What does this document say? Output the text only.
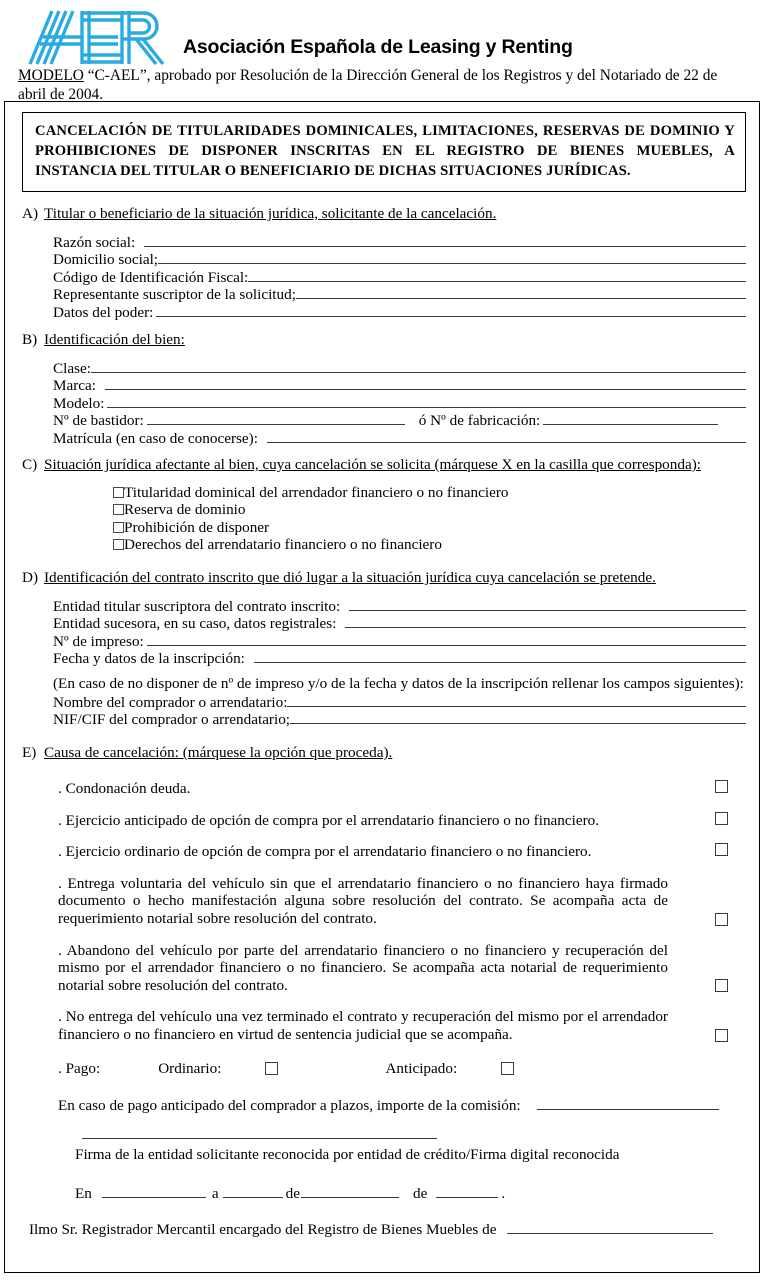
Asociación Española de Leasing y Renting
MODELO “C-AEL”, aprobado por Resolución de la Dirección General de los Registros y del Notariado de 22 de abril de 2004.

CANCELACIÓN DE TITULARIDADES DOMINICALES, LIMITACIONES, RESERVAS DE DOMINIO Y PROHIBICIONES DE DISPONER INSCRITAS EN EL REGISTRO DE BIENES MUEBLES, A INSTANCIA DEL TITULAR O BENEFICIARIO DE DICHAS SITUACIONES JURÍDICAS.

A) Titular o beneficiario de la situación jurídica, solicitante de la cancelación.
Razón social:
Domicilio social;
Código de Identificación Fiscal:
Representante suscriptor de la solicitud;
Datos del poder:
B) Identificación del bien:
Clase:
Marca:
Modelo:
Nº de bastidor:	ó Nº de fabricación:
Matrícula (en caso de conocerse):
C) Situación jurídica afectante al bien, cuya cancelación se solicita (márquese X en la casilla que corresponda):
Titularidad dominical del arrendador financiero o no financiero
Reserva de dominio
Prohibición de disponer
Derechos del arrendatario financiero o no financiero
D) Identificación del contrato inscrito que dió lugar a la situación jurídica cuya cancelación se pretende.
Entidad titular suscriptora del contrato inscrito:
Entidad sucesora, en su caso, datos registrales:
Nº de impreso:
Fecha y datos de la inscripción:
(En caso de no disponer de nº de impreso y/o de la fecha y datos de la inscripción rellenar los campos siguientes):
Nombre del comprador o arrendatario:
NIF/CIF del comprador o arrendatario;
E) Causa de cancelación: (márquese la opción que proceda).
. Condonación deuda.
. Ejercicio anticipado de opción de compra por el arrendatario financiero o no financiero.
. Ejercicio ordinario de opción de compra por el arrendatario financiero o no financiero.
. Entrega voluntaria del vehículo sin que el arrendatario financiero o no financiero haya firmado documento o hecho manifestación alguna sobre resolución del contrato. Se acompaña acta de requerimiento notarial sobre resolución del contrato.
. Abandono del vehículo por parte del arrendatario financiero o no financiero y recuperación del mismo por el arrendador financiero o no financiero. Se acompaña acta notarial de requerimiento notarial sobre resolución del contrato.
. No entrega del vehículo una vez terminado el contrato y recuperación del mismo por el arrendador financiero o no financiero en virtud de sentencia judicial que se acompaña.
. Pago:	Ordinario:	Anticipado:
En caso de pago anticipado del comprador a plazos, importe de la comisión:
Firma de la entidad solicitante reconocida por entidad de crédito/Firma digital reconocida
En	a	de	de	.
Ilmo Sr. Registrador Mercantil encargado del Registro de Bienes Muebles de
